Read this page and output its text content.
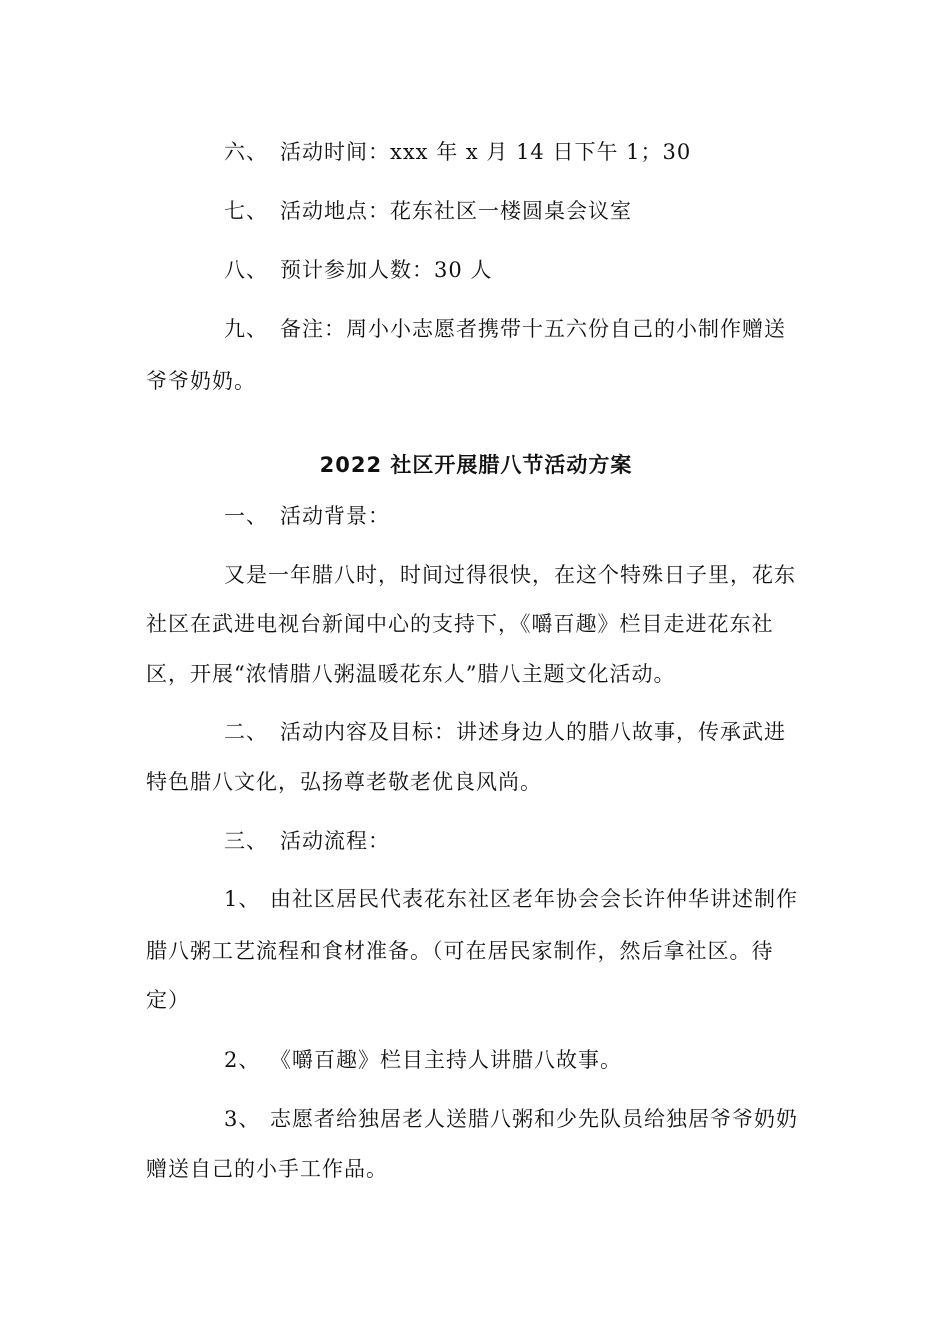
六、 活动时间：xxx 年 x 月 14 日下午 1；30
七、 活动地点：花东社区一楼圆桌会议室
八、 预计参加人数：30 人
九、 备注：周小小志愿者携带十五六份自己的小制作赠送
爷爷奶奶。
2022 社区开展腊八节活动方案
一、 活动背景：
又是一年腊八时，时间过得很快，在这个特殊日子里，花东
社区在武进电视台新闻中心的支持下，《嚼百趣》栏目走进花东社
区，开展“浓情腊八粥温暖花东人”腊八主题文化活动。
二、 活动内容及目标：讲述身边人的腊八故事，传承武进
特色腊八文化，弘扬尊老敬老优良风尚。
三、 活动流程：
1、 由社区居民代表花东社区老年协会会长许仲华讲述制作
腊八粥工艺流程和食材准备。（可在居民家制作，然后拿社区。待
定）
2、 《嚼百趣》栏目主持人讲腊八故事。
3、 志愿者给独居老人送腊八粥和少先队员给独居爷爷奶奶
赠送自己的小手工作品。
